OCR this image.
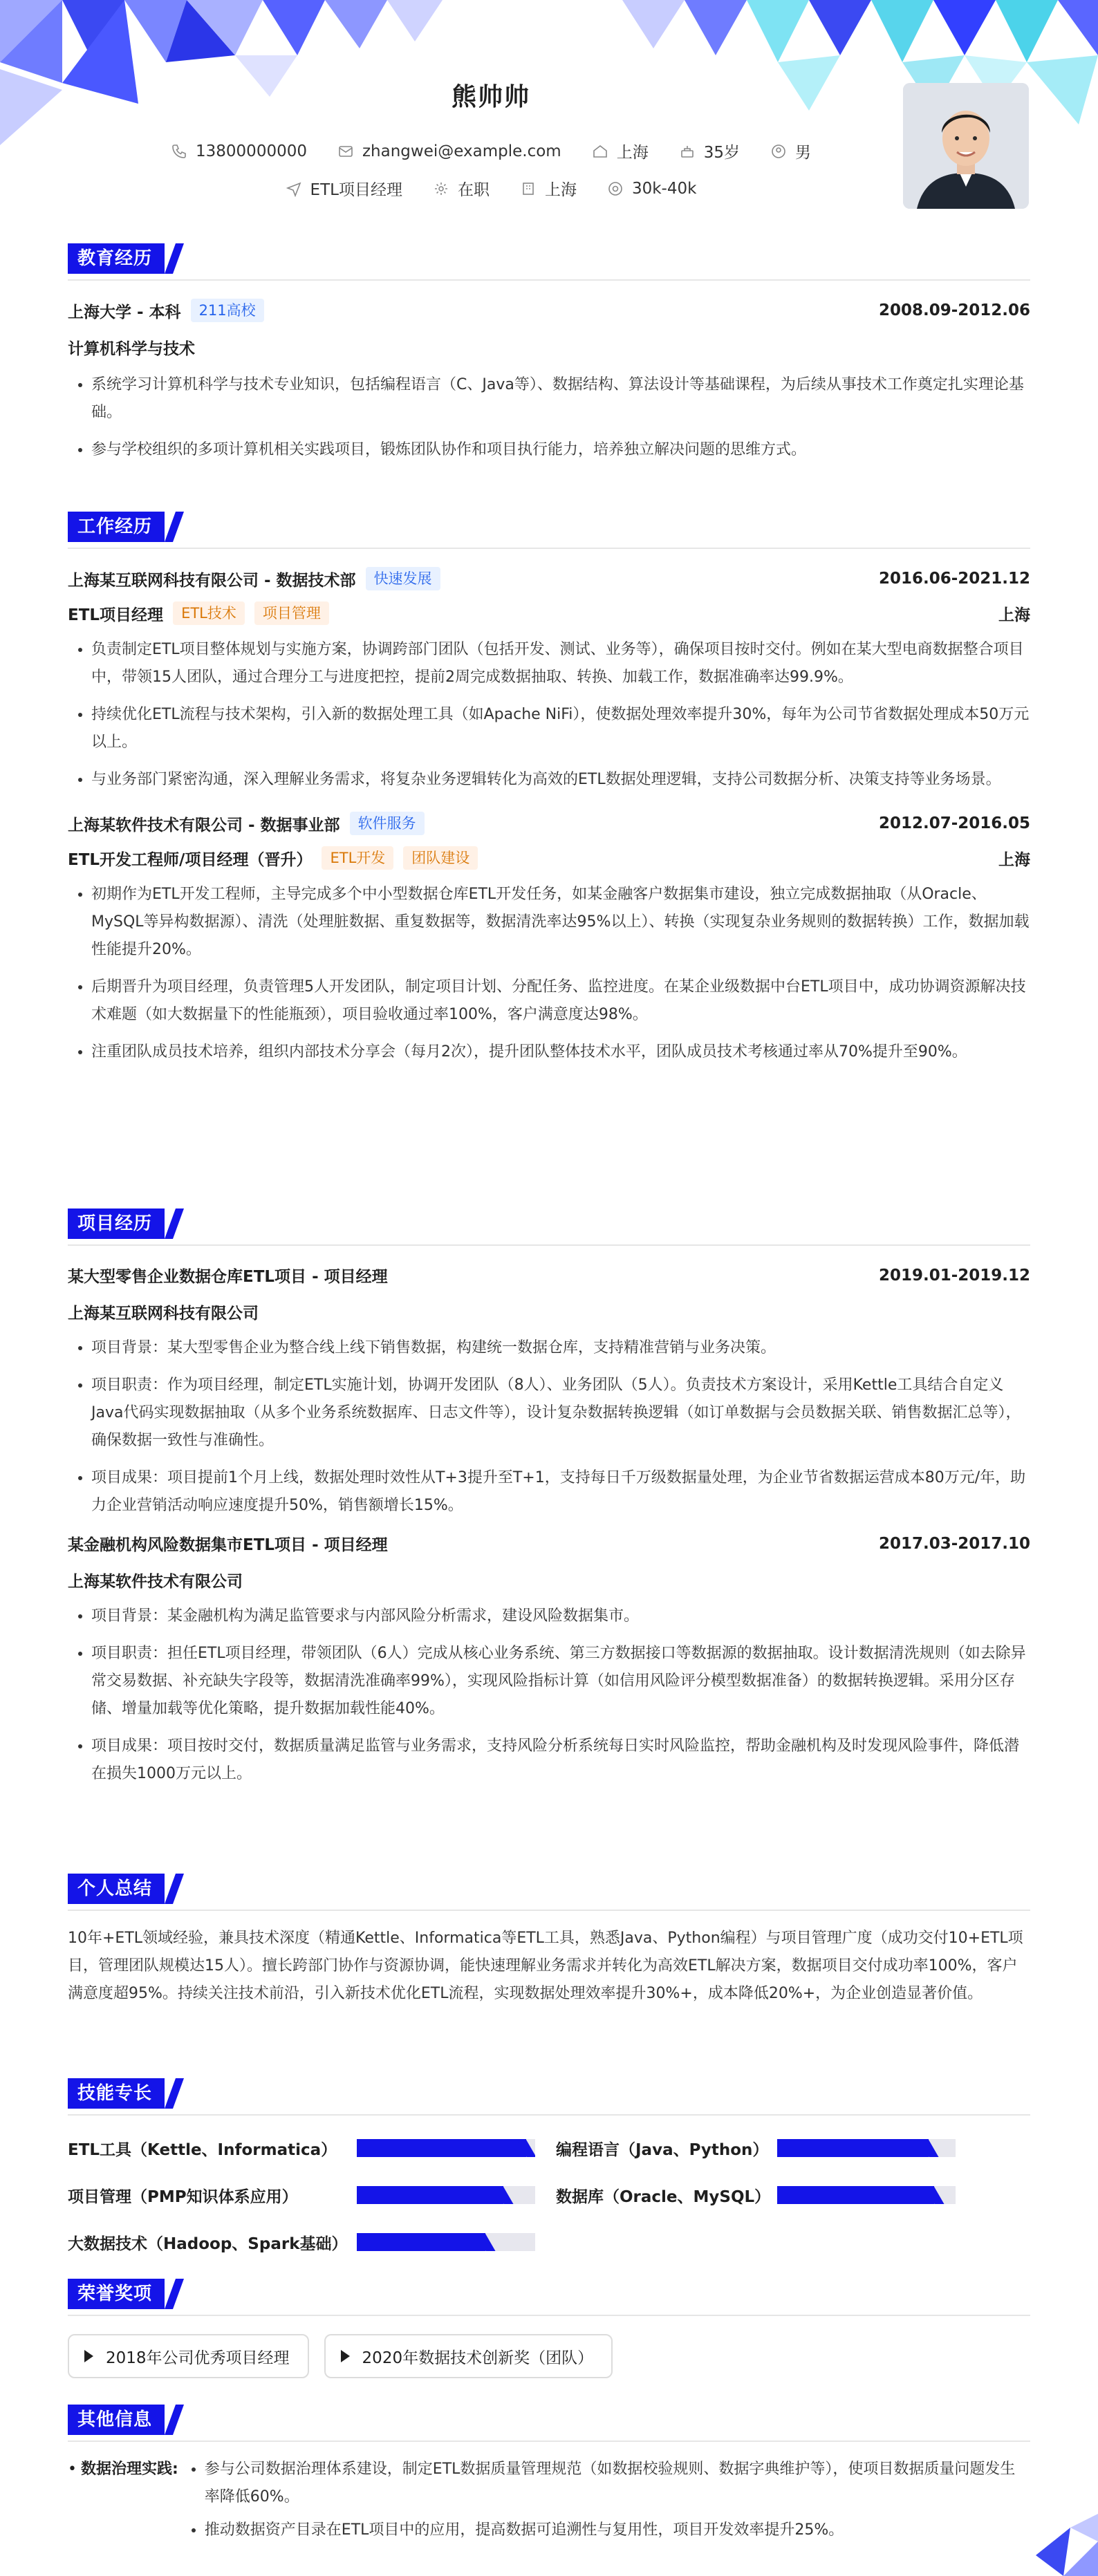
熊帅帅
13800000000	zhangwei@example.com	上海	35岁	男
ETL项目经理	在职	上海	30k-40k
教育经历
上海大学 - 本科	211高校	2008.09-2012.06
计算机科学与技术
• 系统学习计算机科学与技术专业知识，包括编程语言（C、Java等）、数据结构、算法设计等基础课程，为后续从事技术工作奠定扎实理论基础。
• 参与学校组织的多项计算机相关实践项目，锻炼团队协作和项目执行能力，培养独立解决问题的思维方式。
工作经历
上海某互联网科技有限公司 - 数据技术部	快速发展	2016.06-2021.12
ETL项目经理	ETL技术	项目管理	上海
• 负责制定ETL项目整体规划与实施方案，协调跨部门团队（包括开发、测试、业务等），确保项目按时交付。例如在某大型电商数据整合项目中，带领15人团队，通过合理分工与进度把控，提前2周完成数据抽取、转换、加载工作，数据准确率达99.9%。
• 持续优化ETL流程与技术架构，引入新的数据处理工具（如Apache NiFi），使数据处理效率提升30%，每年为公司节省数据处理成本50万元以上。
• 与业务部门紧密沟通，深入理解业务需求，将复杂业务逻辑转化为高效的ETL数据处理逻辑，支持公司数据分析、决策支持等业务场景。
上海某软件技术有限公司 - 数据事业部	软件服务	2012.07-2016.05
ETL开发工程师/项目经理（晋升）	ETL开发	团队建设	上海
• 初期作为ETL开发工程师，主导完成多个中小型数据仓库ETL开发任务，如某金融客户数据集市建设，独立完成数据抽取（从Oracle、MySQL等异构数据源）、清洗（处理脏数据、重复数据等，数据清洗率达95%以上）、转换（实现复杂业务规则的数据转换）工作，数据加载性能提升20%。
• 后期晋升为项目经理，负责管理5人开发团队，制定项目计划、分配任务、监控进度。在某企业级数据中台ETL项目中，成功协调资源解决技术难题（如大数据量下的性能瓶颈），项目验收通过率100%，客户满意度达98%。
• 注重团队成员技术培养，组织内部技术分享会（每月2次），提升团队整体技术水平，团队成员技术考核通过率从70%提升至90%。
项目经历
某大型零售企业数据仓库ETL项目 - 项目经理	2019.01-2019.12
上海某互联网科技有限公司
• 项目背景：某大型零售企业为整合线上线下销售数据，构建统一数据仓库，支持精准营销与业务决策。
• 项目职责：作为项目经理，制定ETL实施计划，协调开发团队（8人）、业务团队（5人）。负责技术方案设计，采用Kettle工具结合自定义Java代码实现数据抽取（从多个业务系统数据库、日志文件等），设计复杂数据转换逻辑（如订单数据与会员数据关联、销售数据汇总等），确保数据一致性与准确性。
• 项目成果：项目提前1个月上线，数据处理时效性从T+3提升至T+1，支持每日千万级数据量处理，为企业节省数据运营成本80万元/年，助力企业营销活动响应速度提升50%，销售额增长15%。
某金融机构风险数据集市ETL项目 - 项目经理	2017.03-2017.10
上海某软件技术有限公司
• 项目背景：某金融机构为满足监管要求与内部风险分析需求，建设风险数据集市。
• 项目职责：担任ETL项目经理，带领团队（6人）完成从核心业务系统、第三方数据接口等数据源的数据抽取。设计数据清洗规则（如去除异常交易数据、补充缺失字段等，数据清洗准确率99%），实现风险指标计算（如信用风险评分模型数据准备）的数据转换逻辑。采用分区存储、增量加载等优化策略，提升数据加载性能40%。
• 项目成果：项目按时交付，数据质量满足监管与业务需求，支持风险分析系统每日实时风险监控，帮助金融机构及时发现风险事件，降低潜在损失1000万元以上。
个人总结
10年+ETL领域经验，兼具技术深度（精通Kettle、Informatica等ETL工具，熟悉Java、Python编程）与项目管理广度（成功交付10+ETL项目，管理团队规模达15人）。擅长跨部门协作与资源协调，能快速理解业务需求并转化为高效ETL解决方案，数据项目交付成功率100%，客户满意度超95%。持续关注技术前沿，引入新技术优化ETL流程，实现数据处理效率提升30%+，成本降低20%+，为企业创造显著价值。
技能专长
ETL工具（Kettle、Informatica）	编程语言（Java、Python）
项目管理（PMP知识体系应用）	数据库（Oracle、MySQL）
大数据技术（Hadoop、Spark基础）
荣誉奖项
2018年公司优秀项目经理	2020年数据技术创新奖（团队）
其他信息
• 数据治理实践:
• 参与公司数据治理体系建设，制定ETL数据质量管理规范（如数据校验规则、数据字典维护等），使项目数据质量问题发生率降低60%。
• 推动数据资产目录在ETL项目中的应用，提高数据可追溯性与复用性，项目开发效率提升25%。
